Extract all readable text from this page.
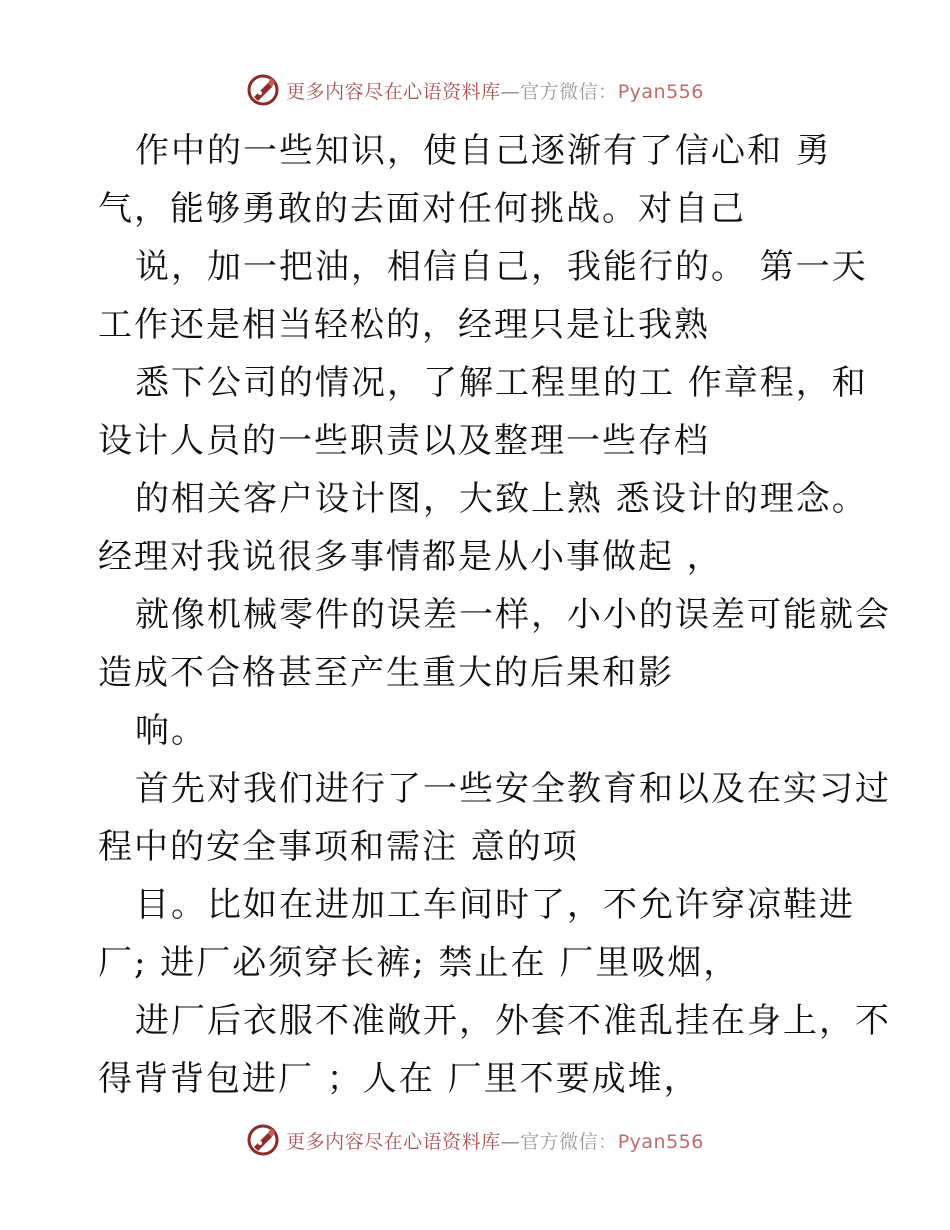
更多内容尽在心语资料库—官方微信：Pyan556
作中的一些知识，使自己逐渐有了信心和 勇
气，能够勇敢的去面对任何挑战。对自己
说，加一把油，相信自己，我能行的。 第一天
工作还是相当轻松的，经理只是让我熟
悉下公司的情况，了解工程里的工 作章程，和
设计人员的一些职责以及整理一些存档
的相关客户设计图，大致上熟 悉设计的理念。
经理对我说很多事情都是从小事做起 ，
就像机械零件的误差一样，小小的误差可能就会
造成不合格甚至产生重大的后果和影
响。
首先对我们进行了一些安全教育和以及在实习过
程中的安全事项和需注 意的项
目。比如在进加工车间时了，不允许穿凉鞋进
厂; 进厂必须穿长裤; 禁止在 厂里吸烟，
进厂后衣服不准敞开，外套不准乱挂在身上，不
得背背包进厂 ；人在 厂里不要成堆，
更多内容尽在心语资料库—官方微信：Pyan556
